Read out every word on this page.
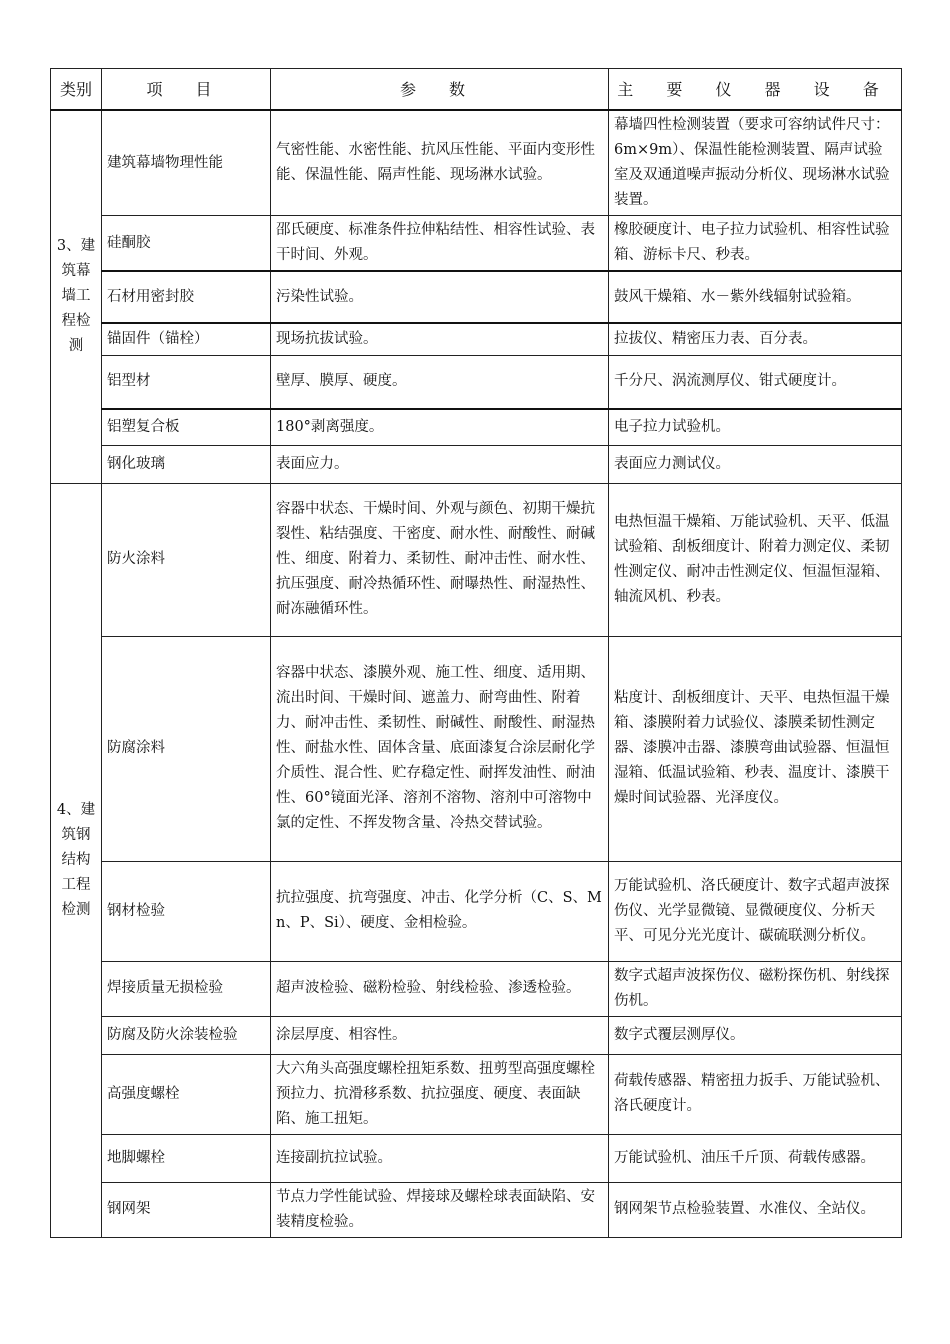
类别	项 目	参 数	主 要 仪 器 设 备
3、建筑幕墙工程检测	建筑幕墙物理性能	气密性能、水密性能、抗风压性能、平面内变形性能、保温性能、隔声性能、现场淋水试验。	幕墙四性检测装置（要求可容纳试件尺寸：6m×9m）、保温性能检测装置、隔声试验室及双通道噪声振动分析仪、现场淋水试验装置。
	硅酮胶	邵氏硬度、标准条件拉伸粘结性、相容性试验、表干时间、外观。	橡胶硬度计、电子拉力试验机、相容性试验箱、游标卡尺、秒表。
	石材用密封胶	污染性试验。	鼓风干燥箱、水－紫外线辐射试验箱。
	锚固件（锚栓）	现场抗拔试验。	拉拔仪、精密压力表、百分表。
	铝型材	壁厚、膜厚、硬度。	千分尺、涡流测厚仪、钳式硬度计。
	铝塑复合板	180°剥离强度。	电子拉力试验机。
	钢化玻璃	表面应力。	表面应力测试仪。
4、建筑钢结构工程检测	防火涂料	容器中状态、干燥时间、外观与颜色、初期干燥抗裂性、粘结强度、干密度、耐水性、耐酸性、耐碱性、细度、附着力、柔韧性、耐冲击性、耐水性、抗压强度、耐冷热循环性、耐曝热性、耐湿热性、耐冻融循环性。	电热恒温干燥箱、万能试验机、天平、低温试验箱、刮板细度计、附着力测定仪、柔韧性测定仪、耐冲击性测定仪、恒温恒湿箱、轴流风机、秒表。
	防腐涂料	容器中状态、漆膜外观、施工性、细度、适用期、流出时间、干燥时间、遮盖力、耐弯曲性、附着力、耐冲击性、柔韧性、耐碱性、耐酸性、耐湿热性、耐盐水性、固体含量、底面漆复合涂层耐化学介质性、混合性、贮存稳定性、耐挥发油性、耐油性、60°镜面光泽、溶剂不溶物、溶剂中可溶物中氯的定性、不挥发物含量、冷热交替试验。	粘度计、刮板细度计、天平、电热恒温干燥箱、漆膜附着力试验仪、漆膜柔韧性测定器、漆膜冲击器、漆膜弯曲试验器、恒温恒湿箱、低温试验箱、秒表、温度计、漆膜干燥时间试验器、光泽度仪。
	钢材检验	抗拉强度、抗弯强度、冲击、化学分析（C、S、Mn、P、Si）、硬度、金相检验。	万能试验机、洛氏硬度计、数字式超声波探伤仪、光学显微镜、显微硬度仪、分析天平、可见分光光度计、碳硫联测分析仪。
	焊接质量无损检验	超声波检验、磁粉检验、射线检验、渗透检验。	数字式超声波探伤仪、磁粉探伤机、射线探伤机。
	防腐及防火涂装检验	涂层厚度、相容性。	数字式覆层测厚仪。
	高强度螺栓	大六角头高强度螺栓扭矩系数、扭剪型高强度螺栓预拉力、抗滑移系数、抗拉强度、硬度、表面缺陷、施工扭矩。	荷载传感器、精密扭力扳手、万能试验机、洛氏硬度计。
	地脚螺栓	连接副抗拉试验。	万能试验机、油压千斤顶、荷载传感器。
	钢网架	节点力学性能试验、焊接球及螺栓球表面缺陷、安装精度检验。	钢网架节点检验装置、水准仪、全站仪。
